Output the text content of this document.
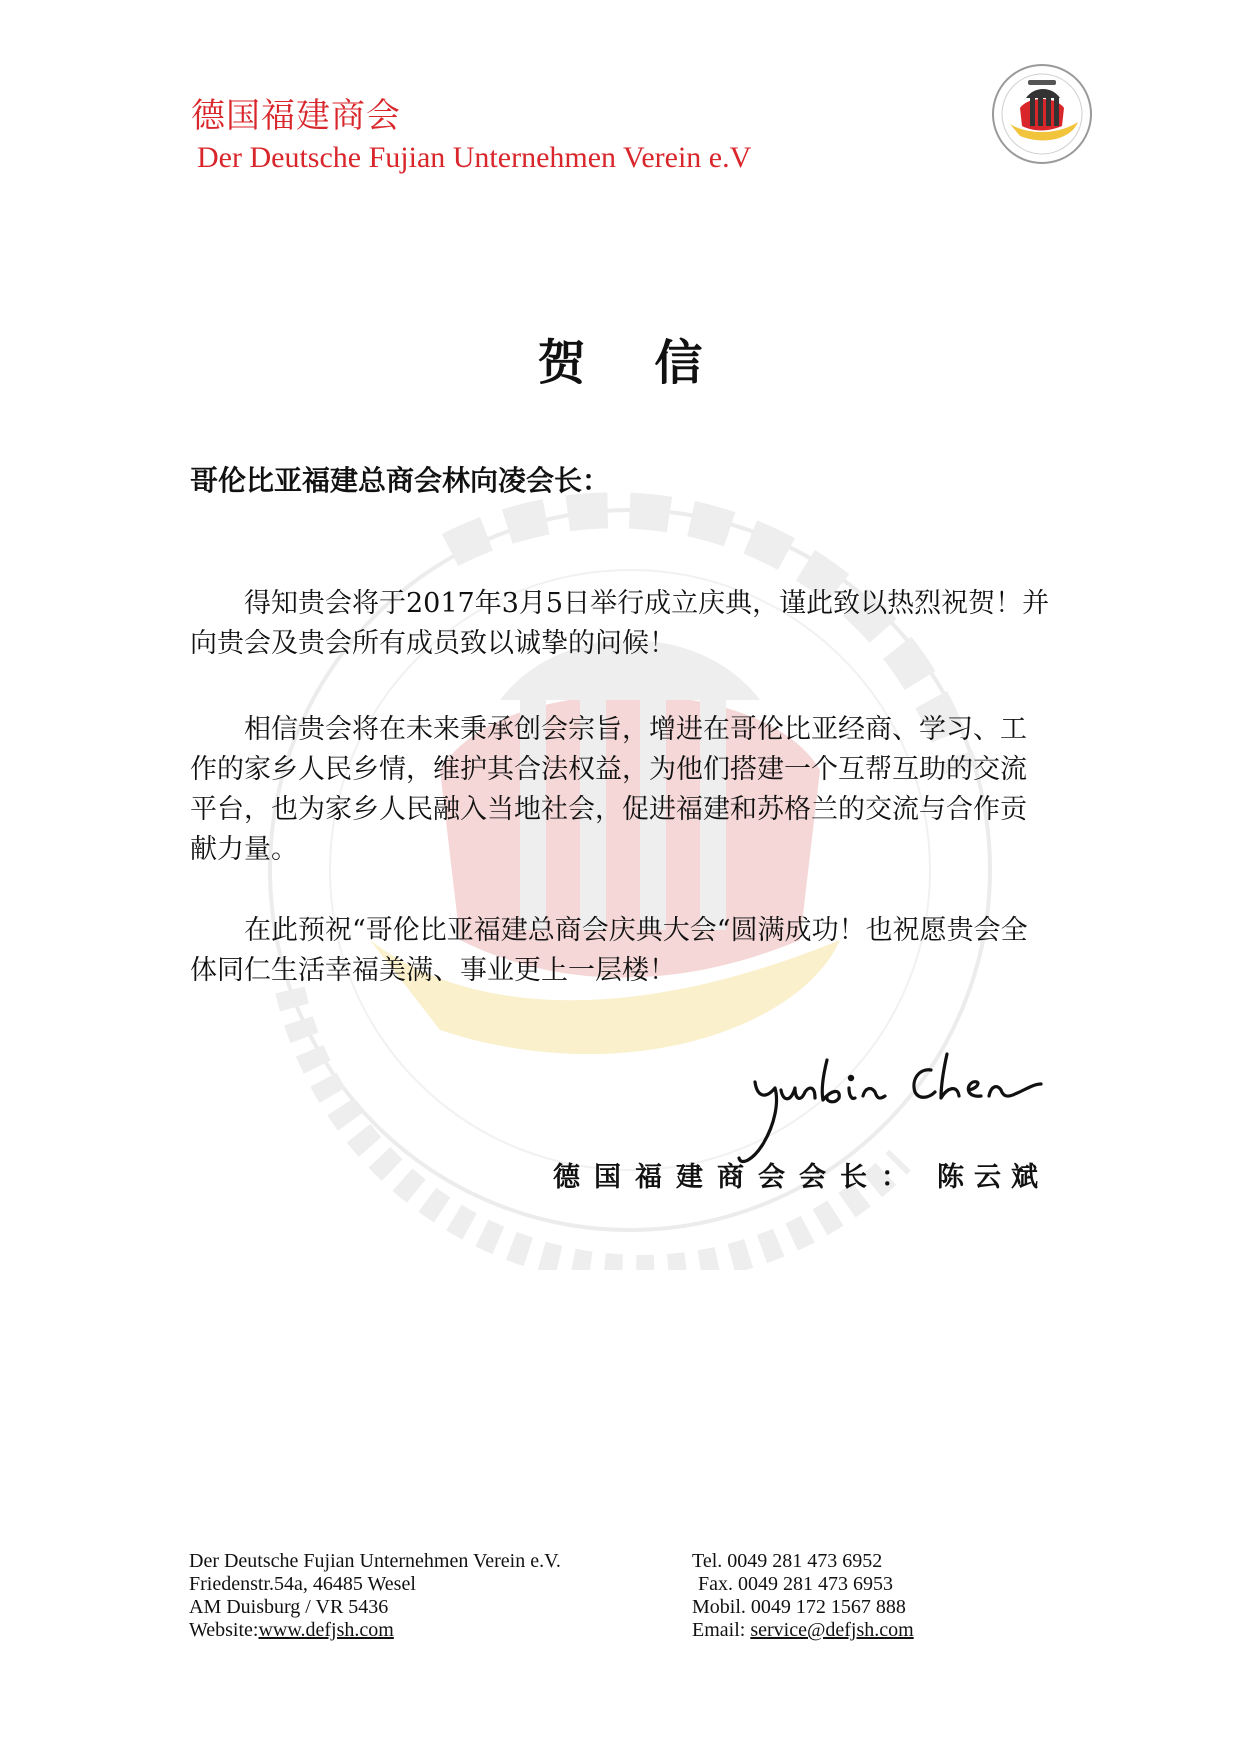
德国福建商会
Der Deutsche Fujian Unternehmen Verein e.V
贺 信
哥伦比亚福建总商会林向凌会长：
得知贵会将于2017年3月5日举行成立庆典，谨此致以热烈祝贺！并向贵会及贵会所有成员致以诚挚的问候！
相信贵会将在未来秉承创会宗旨，增进在哥伦比亚经商、学习、工作的家乡人民乡情，维护其合法权益，为他们搭建一个互帮互助的交流平台，也为家乡人民融入当地社会，促进福建和苏格兰的交流与合作贡献力量。
在此预祝“哥伦比亚福建总商会庆典大会“圆满成功！也祝愿贵会全体同仁生活幸福美满、事业更上一层楼！
德国福建商会会长： 陈云斌
Der Deutsche Fujian Unternehmen Verein e.V.
Friedenstr.54a, 46485 Wesel
AM Duisburg / VR 5436
Website:www.defjsh.com
Tel. 0049 281 473 6952
Fax. 0049 281 473 6953
Mobil. 0049 172 1567 888
Email: service@defjsh.com
